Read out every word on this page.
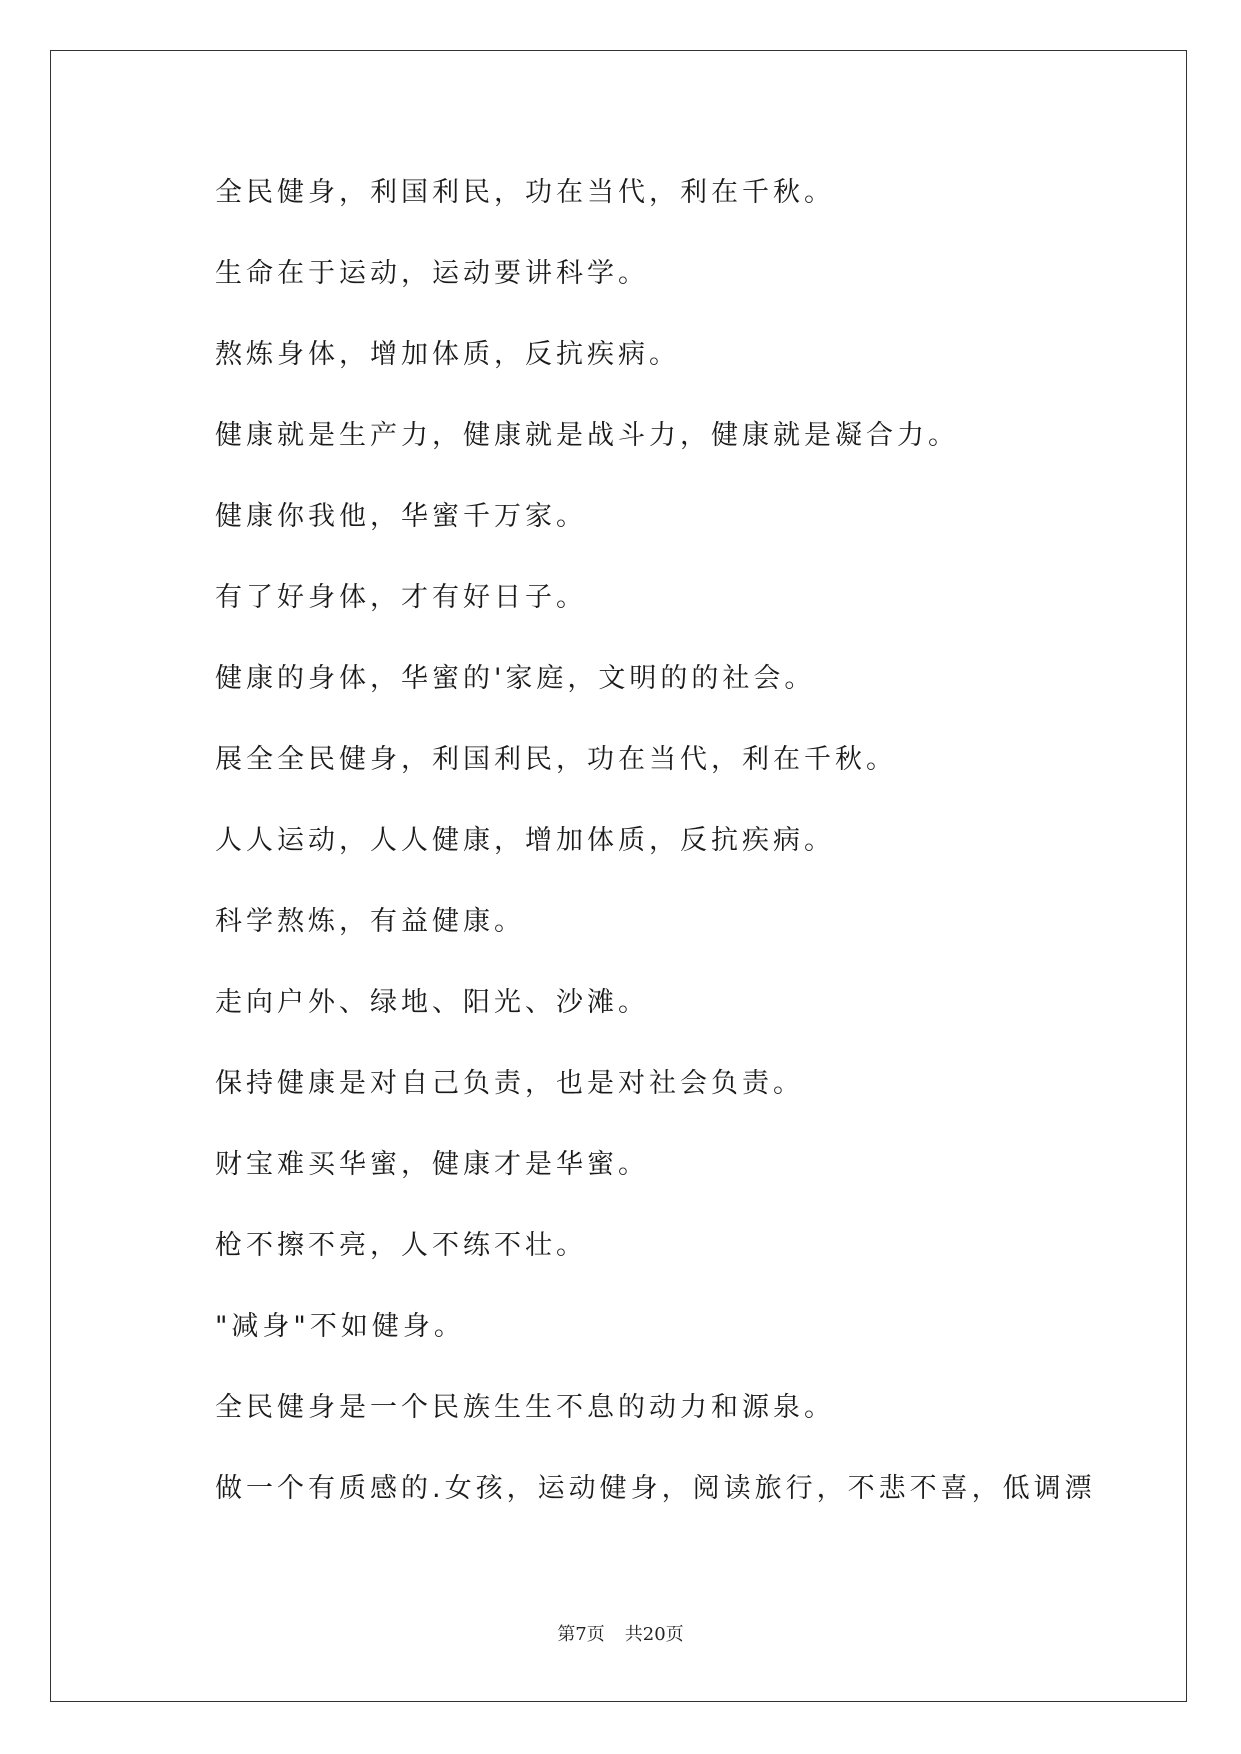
全民健身，利国利民，功在当代，利在千秋。
生命在于运动，运动要讲科学。
熬炼身体，增加体质，反抗疾病。
健康就是生产力，健康就是战斗力，健康就是凝合力。
健康你我他，华蜜千万家。
有了好身体，才有好日子。
健康的身体，华蜜的'家庭，文明的的社会。
展全全民健身，利国利民，功在当代，利在千秋。
人人运动，人人健康，增加体质，反抗疾病。
科学熬炼，有益健康。
走向户外、绿地、阳光、沙滩。
保持健康是对自己负责，也是对社会负责。
财宝难买华蜜，健康才是华蜜。
枪不擦不亮，人不练不壮。
"减身"不如健身。
全民健身是一个民族生生不息的动力和源泉。
做一个有质感的.女孩，运动健身，阅读旅行，不悲不喜，低调漂
第7页 共20页
